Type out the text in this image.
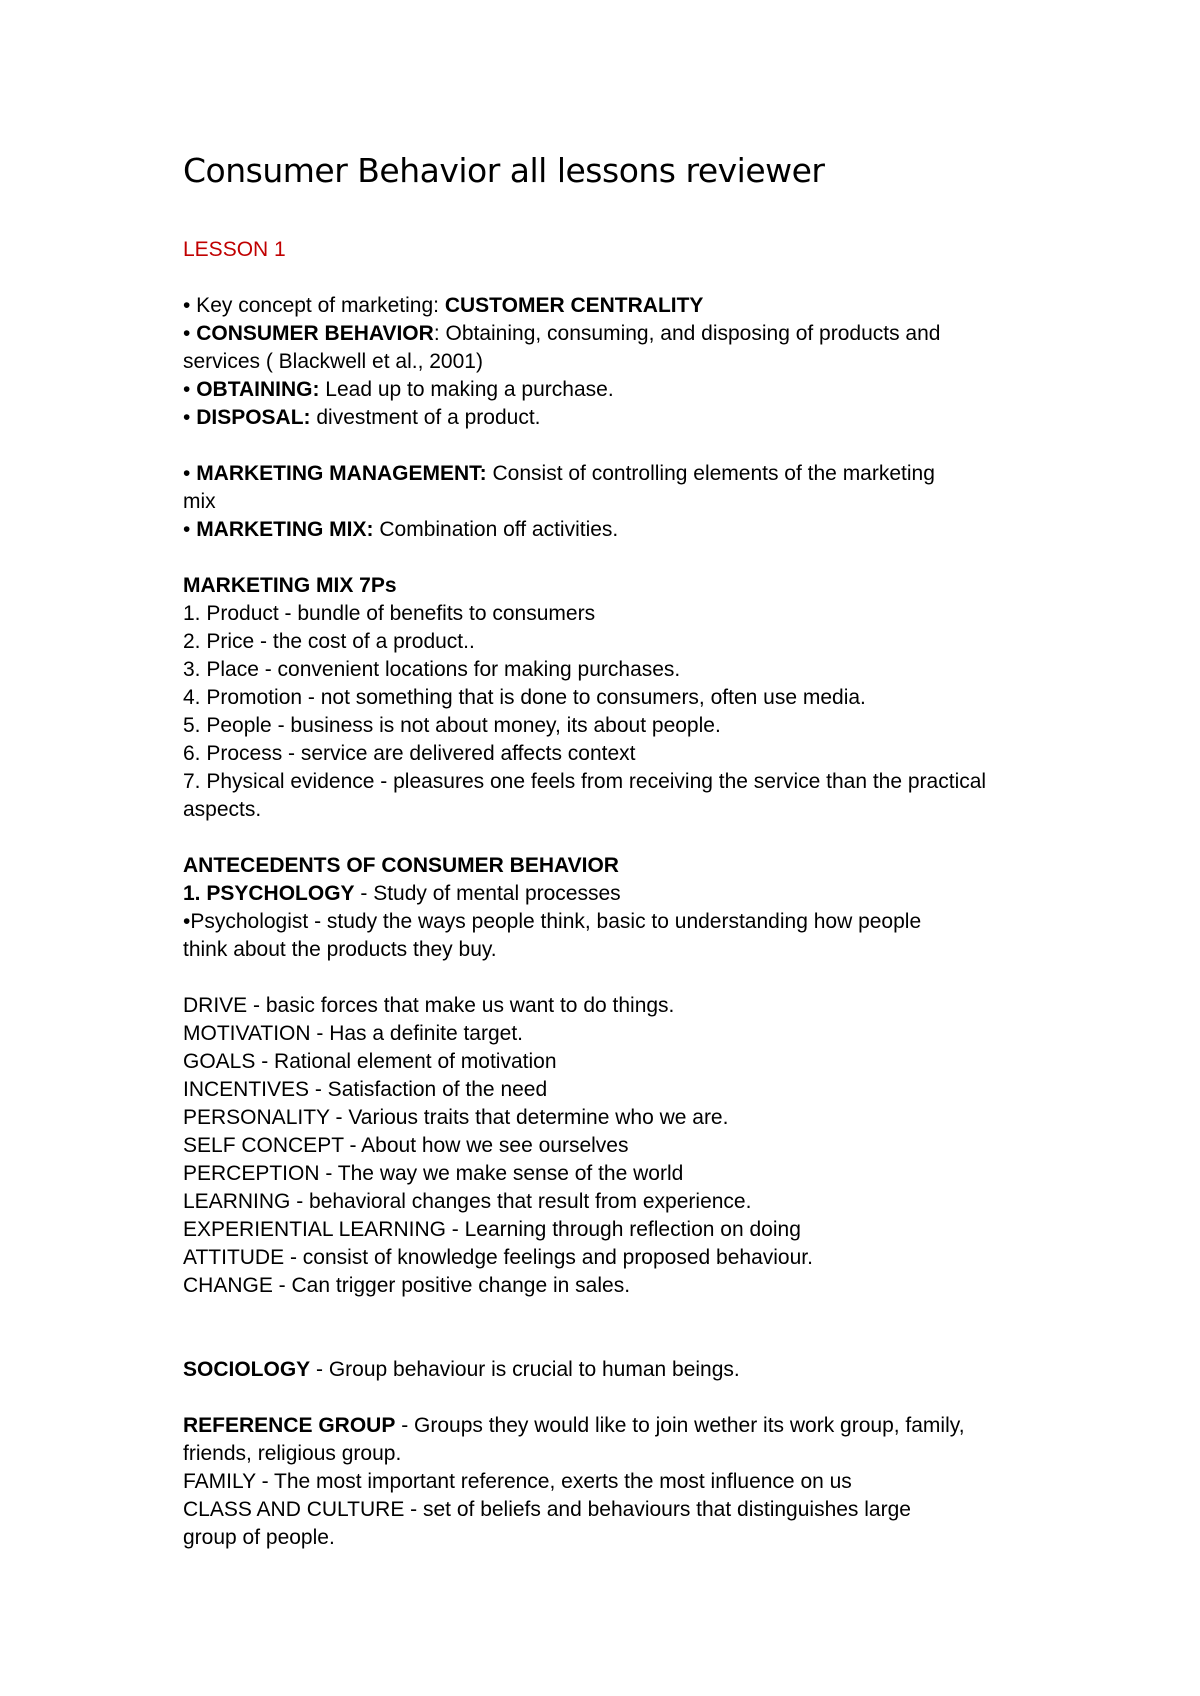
Consumer Behavior all lessons reviewer
LESSON 1
• Key concept of marketing: CUSTOMER CENTRALITY
• CONSUMER BEHAVIOR: Obtaining, consuming, and disposing of products and services ( Blackwell et al., 2001)
• OBTAINING: Lead up to making a purchase.
• DISPOSAL: divestment of a product.
• MARKETING MANAGEMENT: Consist of controlling elements of the marketing mix
• MARKETING MIX: Combination off activities.
MARKETING MIX 7Ps
1. Product - bundle of benefits to consumers
2. Price - the cost of a product..
3. Place - convenient locations for making purchases.
4. Promotion - not something that is done to consumers, often use media.
5. People - business is not about money, its about people.
6. Process - service are delivered affects context
7. Physical evidence - pleasures one feels from receiving the service than the practical aspects.
ANTECEDENTS OF CONSUMER BEHAVIOR
1. PSYCHOLOGY - Study of mental processes
•Psychologist - study the ways people think, basic to understanding how people think about the products they buy.
DRIVE - basic forces that make us want to do things.
MOTIVATION - Has a definite target.
GOALS - Rational element of motivation
INCENTIVES - Satisfaction of the need
PERSONALITY - Various traits that determine who we are.
SELF CONCEPT - About how we see ourselves
PERCEPTION - The way we make sense of the world
LEARNING - behavioral changes that result from experience.
EXPERIENTIAL LEARNING - Learning through reflection on doing
ATTITUDE - consist of knowledge feelings and proposed behaviour.
CHANGE - Can trigger positive change in sales.
SOCIOLOGY - Group behaviour is crucial to human beings.
REFERENCE GROUP - Groups they would like to join wether its work group, family, friends, religious group.
FAMILY - The most important reference, exerts the most influence on us
CLASS AND CULTURE - set of beliefs and behaviours that distinguishes large group of people.
